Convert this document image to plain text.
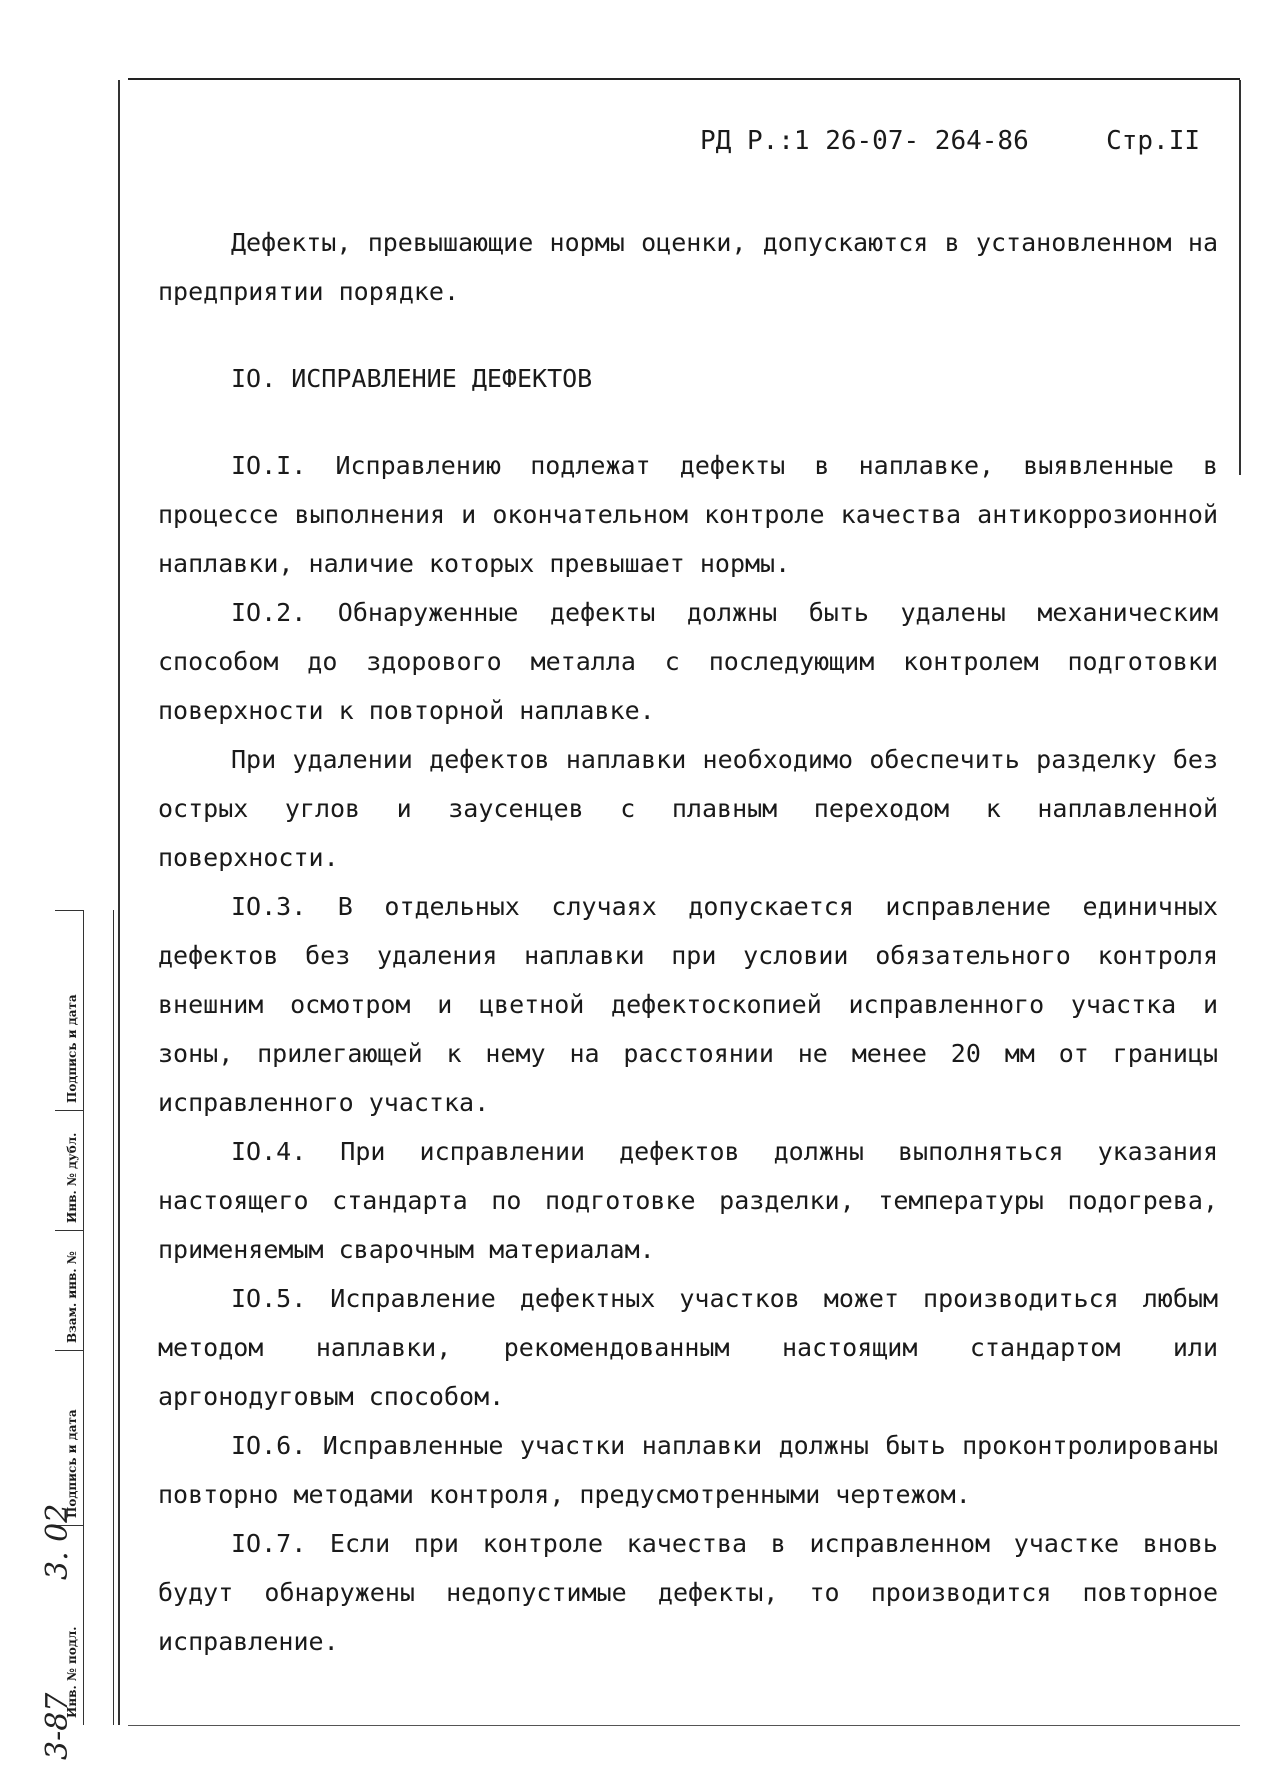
РД Р.:1 26-07- 264-86	Стр.II

Дефекты, превышающие нормы оценки, допускаются в установленном на предприятии порядке.

IO. ИСПРАВЛЕНИЕ ДЕФЕКТОВ

IO.I. Исправлению подлежат дефекты в наплавке, выявленные в процессе выполнения и окончательном контроле качества антикоррозионной наплавки, наличие которых превышает нормы.

IO.2. Обнаруженные дефекты должны быть удалены механическим способом до здорового металла с последующим контролем подготовки поверхности к повторной наплавке.

При удалении дефектов наплавки необходимо обеспечить разделку без острых углов и заусенцев с плавным переходом к наплавленной поверхности.

IO.3. В отдельных случаях допускается исправление единичных дефектов без удаления наплавки при условии обязательного контроля внешним осмотром и цветной дефектоскопией исправленного участка и зоны, прилегающей к нему на расстоянии не менее 20 мм от границы исправленного участка.

IO.4. При исправлении дефектов должны выполняться указания настоящего стандарта по подготовке разделки, температуры подогрева, применяемым сварочным материалам.

IO.5. Исправление дефектных участков может производиться любым методом наплавки, рекомендованным настоящим стандартом или аргонодуговым способом.

IO.6. Исправленные участки наплавки должны быть проконтролированы повторно методами контроля, предусмотренными чертежом.

IO.7. Если при контроле качества в исправленном участке вновь будут обнаружены недопустимые дефекты, то производится повторное исправление.

Подпись и дата
Инв. № дубл.
Взам. инв. №
Подпись и дата
Инв. № подл.
3. 02
3-87
